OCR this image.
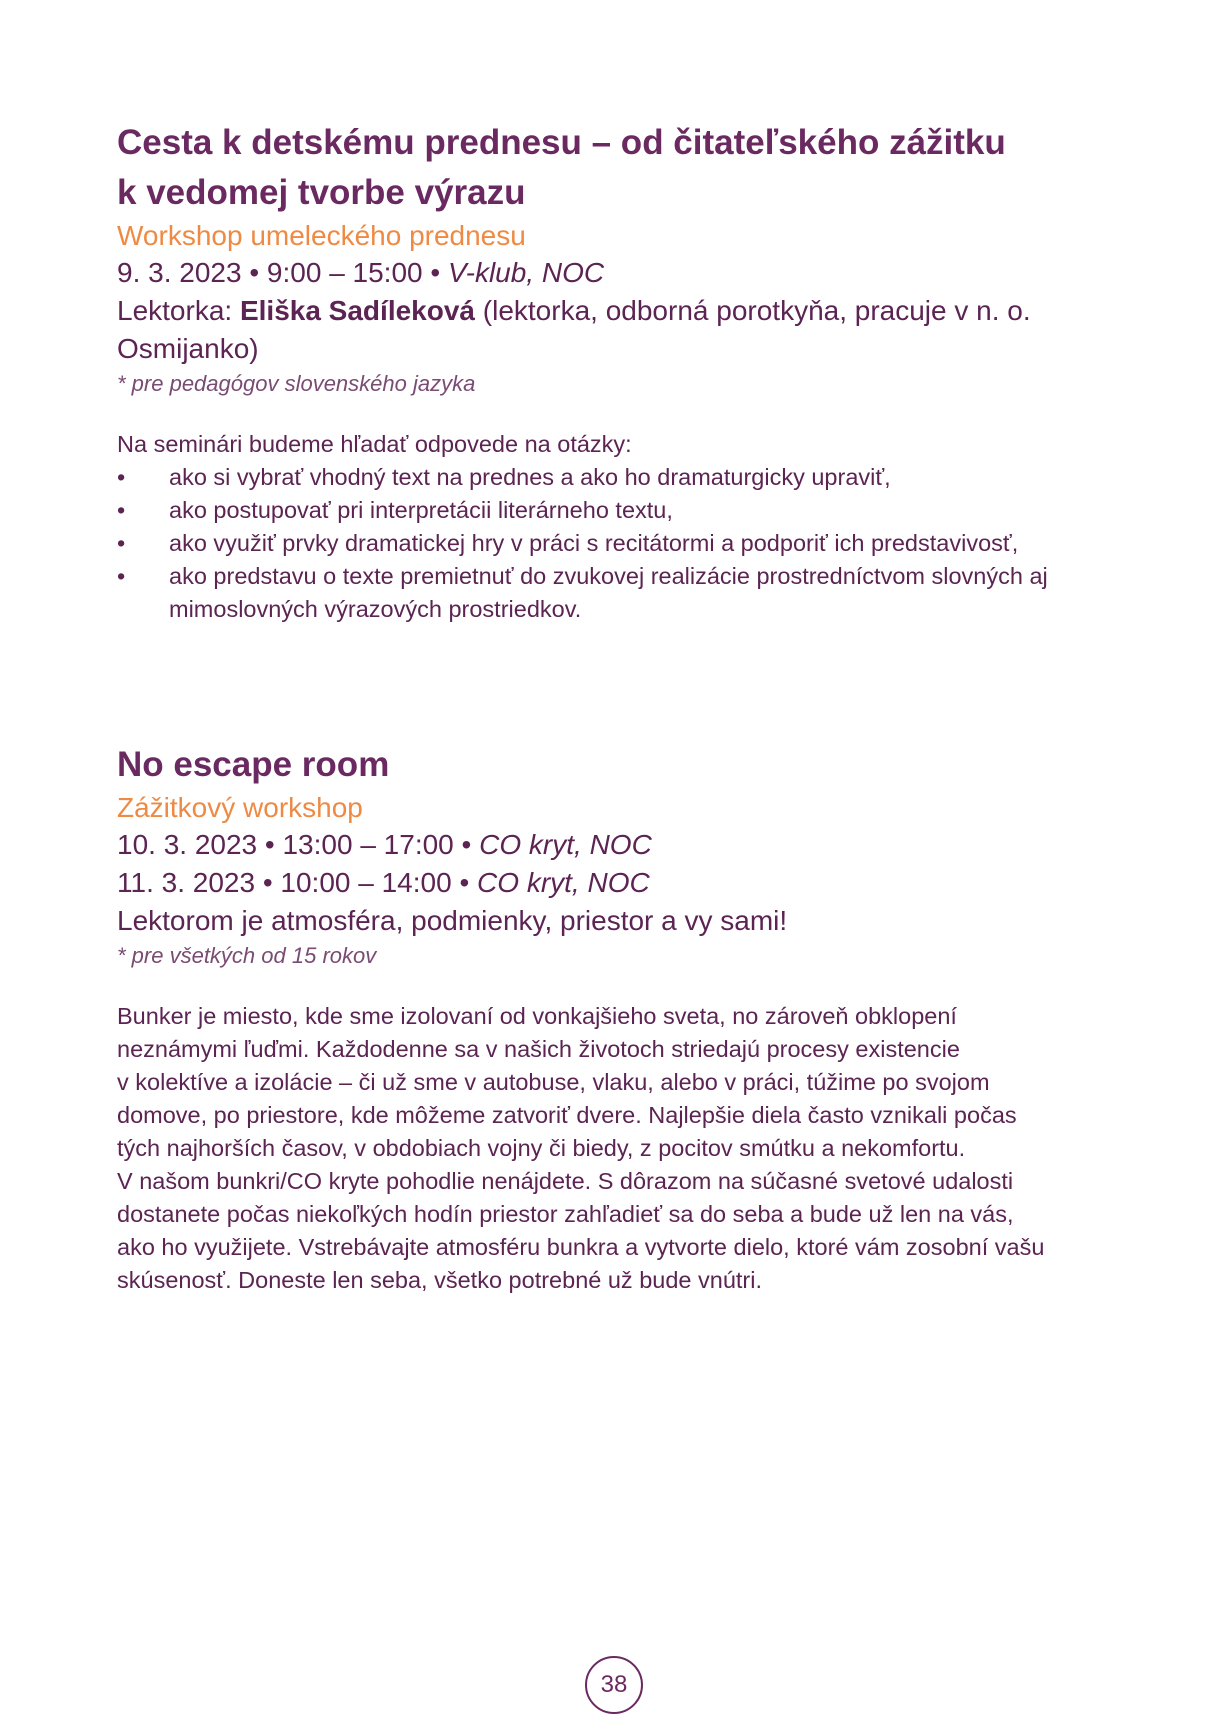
Cesta k detskému prednesu – od čitateľského zážitku
k vedomej tvorbe výrazu

Workshop umeleckého prednesu

9. 3. 2023 • 9:00 – 15:00 • V-klub, NOC

Lektorka: Eliška Sadíleková (lektorka, odborná porotkyňa, pracuje v n. o.
Osmijanko)

* pre pedagógov slovenského jazyka

Na seminári budeme hľadať odpovede na otázky:

•	ako si vybrať vhodný text na prednes a ako ho dramaturgicky upraviť,
•	ako postupovať pri interpretácii literárneho textu,
•	ako využiť prvky dramatickej hry v práci s recitátormi a podporiť ich predstavivosť,
•	ako predstavu o texte premietnuť do zvukovej realizácie prostredníctvom slovných aj mimoslovných výrazových prostriedkov.
No escape room

Zážitkový workshop

10. 3. 2023 • 13:00 – 17:00 • CO kryt, NOC

11. 3. 2023 • 10:00 – 14:00 • CO kryt, NOC

Lektorom je atmosféra, podmienky, priestor a vy sami!

* pre všetkých od 15 rokov

Bunker je miesto, kde sme izolovaní od vonkajšieho sveta, no zároveň obklopení
neznámymi ľuďmi. Každodenne sa v našich životoch striedajú procesy existencie
v kolektíve a izolácie – či už sme v autobuse, vlaku, alebo v práci, túžime po svojom
domove, po priestore, kde môžeme zatvoriť dvere. Najlepšie diela často vznikali počas
tých najhorších časov, v obdobiach vojny či biedy, z pocitov smútku a nekomfortu.
V našom bunkri/CO kryte pohodlie nenájdete. S dôrazom na súčasné svetové udalosti
dostanete počas niekoľkých hodín priestor zahľadieť sa do seba a bude už len na vás,
ako ho využijete. Vstrebávajte atmosféru bunkra a vytvorte dielo, ktoré vám zosobní vašu
skúsenosť. Doneste len seba, všetko potrebné už bude vnútri.

38
